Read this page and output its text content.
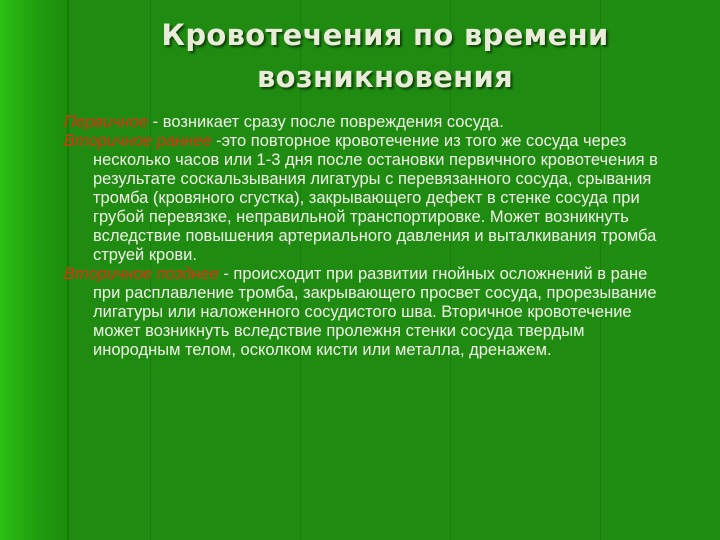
Кровотечения по времени
возникновения

Первичное - возникает сразу после повреждения сосуда.

Вторичное раннее -это повторное кровотечение из того же сосуда через несколько часов или 1-3 дня после остановки первичного кровотечения в результате соскальзывания лигатуры с перевязанного сосуда, срывания тромба (кровяного сгустка), закрывающего дефект в стенке сосуда при грубой перевязке, неправильной транспортировке. Может возникнуть вследствие повышения артериального давления и выталкивания тромба струей крови.

Вторичное позднее - происходит при развитии гнойных осложнений в ране при расплавление тромба, закрывающего просвет сосуда, прорезывание лигатуры или наложенного сосудистого шва. Вторичное кровотечение может возникнуть вследствие пролежня стенки сосуда твердым инородным телом, осколком кисти или металла, дренажем.
